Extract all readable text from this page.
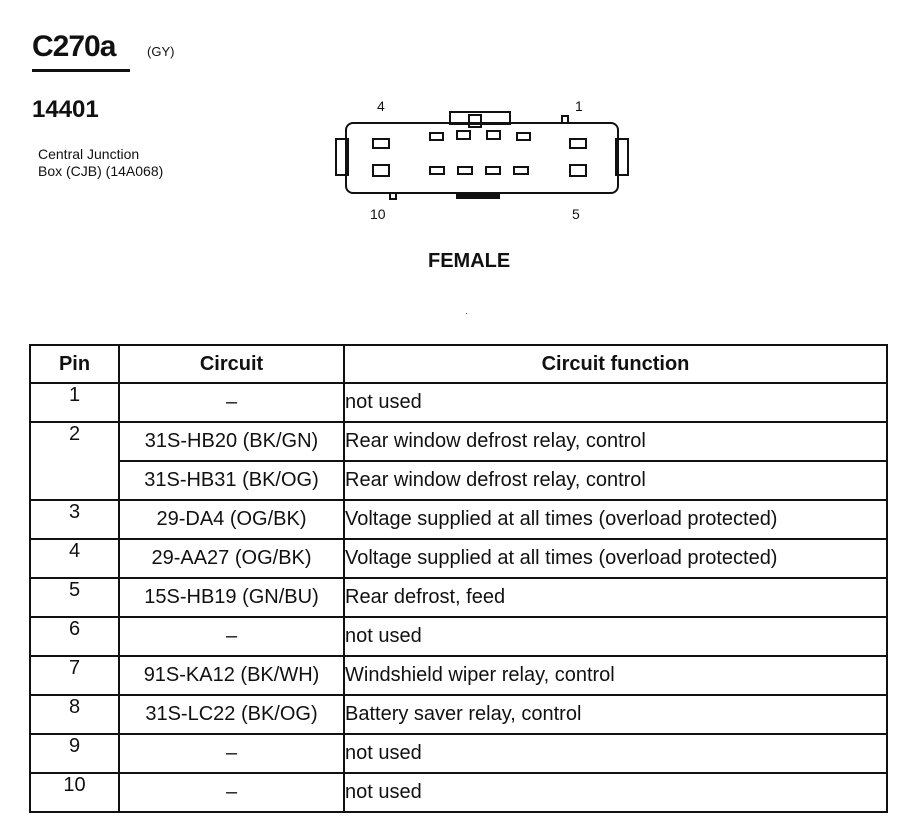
C270a (GY)
14401
Central Junction
Box (CJB) (14A068)
4	1
10	5
FEMALE
Pin	Circuit	Circuit function
1	–	not used
2	31S-HB20 (BK/GN)	Rear window defrost relay, control
	31S-HB31 (BK/OG)	Rear window defrost relay, control
3	29-DA4 (OG/BK)	Voltage supplied at all times (overload protected)
4	29-AA27 (OG/BK)	Voltage supplied at all times (overload protected)
5	15S-HB19 (GN/BU)	Rear defrost, feed
6	–	not used
7	91S-KA12 (BK/WH)	Windshield wiper relay, control
8	31S-LC22 (BK/OG)	Battery saver relay, control
9	–	not used
10	–	not used
